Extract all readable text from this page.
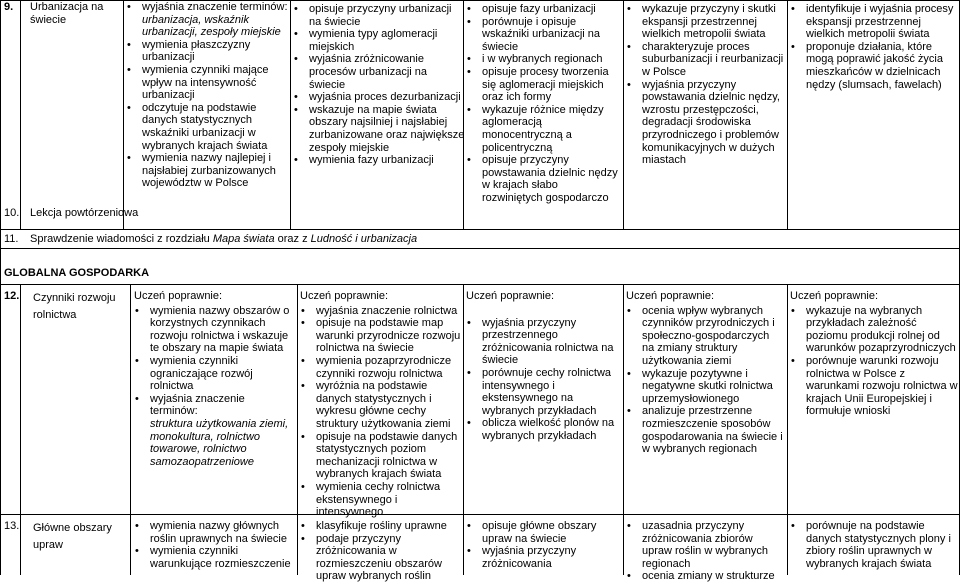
9. Urbanizacja na świecie
• wyjaśnia znaczenie terminów:
urbanizacja, wskaźnik urbanizacji, zespoły miejskie
• wymienia płaszczyzny urbanizacji
• wymienia czynniki mające wpływ na intensywność urbanizacji
• odczytuje na podstawie danych statystycznych wskaźniki urbanizacji w wybranych krajach świata
• wymienia nazwy najlepiej i najsłabiej zurbanizowanych województw w Polsce
• opisuje przyczyny urbanizacji na świecie
• wymienia typy aglomeracji miejskich
• wyjaśnia zróżnicowanie procesów urbanizacji na świecie
• wyjaśnia proces dezurbanizacji
• wskazuje na mapie świata obszary najsilniej i najsłabiej zurbanizowane oraz największe zespoły miejskie
• wymienia fazy urbanizacji
• opisuje fazy urbanizacji
• porównuje i opisuje wskaźniki urbanizacji na świecie
• i w wybranych regionach
• opisuje procesy tworzenia się aglomeracji miejskich oraz ich formy
• wykazuje różnice między aglomeracją monocentryczną a policentryczną
• opisuje przyczyny powstawania dzielnic nędzy w krajach słabo rozwiniętych gospodarczo
• wykazuje przyczyny i skutki ekspansji przestrzennej wielkich metropolii świata
• charakteryzuje proces suburbanizacji i reurbanizacji w Polsce
• wyjaśnia przyczyny powstawania dzielnic nędzy, wzrostu przestępczości, degradacji środowiska przyrodniczego i problemów komunikacyjnych w dużych miastach
• identyfikuje i wyjaśnia procesy ekspansji przestrzennej wielkich metropolii świata
• proponuje działania, które mogą poprawić jakość życia mieszkańców w dzielnicach nędzy (slumsach, fawelach)
10. Lekcja powtórzeniowa
11. Sprawdzenie wiadomości z rozdziału Mapa świata oraz z Ludność i urbanizacja
GLOBALNA GOSPODARKA
12. Czynniki rozwoju rolnictwa
Uczeń poprawnie:
• wymienia nazwy obszarów o korzystnych czynnikach rozwoju rolnictwa i wskazuje te obszary na mapie świata
• wymienia czynniki ograniczające rozwój rolnictwa
• wyjaśnia znaczenie terminów:
struktura użytkowania ziemi, monokultura, rolnictwo towarowe, rolnictwo samozaopatrzeniowe
Uczeń poprawnie:
• wyjaśnia znaczenie rolnictwa
• opisuje na podstawie map warunki przyrodnicze rozwoju rolnictwa na świecie
• wymienia pozaprzyrodnicze czynniki rozwoju rolnictwa
• wyróżnia na podstawie danych statystycznych i wykresu główne cechy struktury użytkowania ziemi
• opisuje na podstawie danych statystycznych poziom mechanizacji rolnictwa w wybranych krajach świata
• wymienia cechy rolnictwa ekstensywnego i intensywnego
Uczeń poprawnie:
• wyjaśnia przyczyny przestrzennego zróżnicowania rolnictwa na świecie
• porównuje cechy rolnictwa intensywnego i ekstensywnego na wybranych przykładach
• oblicza wielkość plonów na wybranych przykładach
Uczeń poprawnie:
• ocenia wpływ wybranych czynników przyrodniczych i społeczno-gospodarczych na zmiany struktury użytkowania ziemi
• wykazuje pozytywne i negatywne skutki rolnictwa uprzemysłowionego
• analizuje przestrzenne rozmieszczenie sposobów gospodarowania na świecie i w wybranych regionach
Uczeń poprawnie:
• wykazuje na wybranych przykładach zależność poziomu produkcji rolnej od warunków pozaprzyrodniczych
• porównuje warunki rozwoju rolnictwa w Polsce z warunkami rozwoju rolnictwa w krajach Unii Europejskiej i formułuje wnioski
13. Główne obszary upraw
• wymienia nazwy głównych roślin uprawnych na świecie
• wymienia czynniki warunkujące rozmieszczenie
• klasyfikuje rośliny uprawne
• podaje przyczyny zróżnicowania w rozmieszczeniu obszarów upraw wybranych roślin
• opisuje główne obszary upraw na świecie
• wyjaśnia przyczyny zróżnicowania
• uzasadnia przyczyny zróżnicowania zbiorów upraw roślin w wybranych regionach
• ocenia zmiany w strukturze
• porównuje na podstawie danych statystycznych plony i zbiory roślin uprawnych w wybranych krajach świata
